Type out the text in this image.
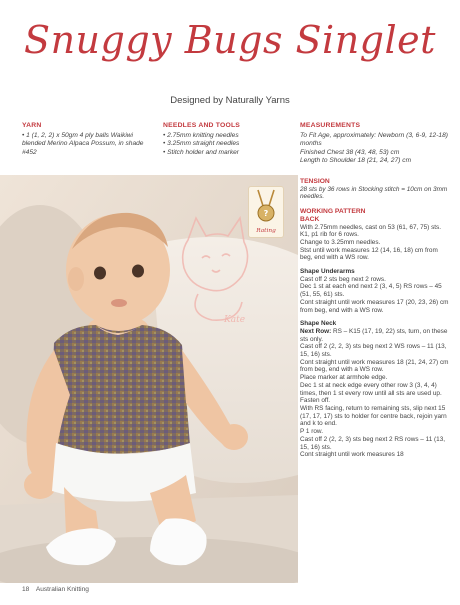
Snuggy Bugs Singlet
Designed by Naturally Yarns
YARN

• 1 (1, 2, 2) x 50gm 4 ply balls Waikiwi blended Merino Alpaca Possum, in shade #452

NEEDLES AND TOOLS
• 2.75mm knitting needles
• 3.25mm straight needles
• Stitch holder and marker
MEASUREMENTS

To Fit Age, approximately: Newborn (3, 6-9, 12-18) months

Finished Chest 38 (43, 48, 53) cm

Length to Shoulder 18 (21, 24, 27) cm

Kate
?
Rating
TENSION
28 sts by 36 rows in Stocking stitch = 10cm on 3mm needles.
WORKING PATTERN
BACK
With 2.75mm needles, cast on 53 (61, 67, 75) sts.
K1, p1 rib for 6 rows.
Change to 3.25mm needles.
Stst until work measures 12 (14, 16, 18) cm from beg, end with a WS row.
Shape Underarms
Cast off 2 sts beg next 2 rows.
Dec 1 st at each end next 2 (3, 4, 5) RS rows – 45 (51, 55, 61) sts.
Cont straight until work measures 17 (20, 23, 26) cm from beg, end with a WS row.
Shape Neck
Next Row: RS – K15 (17, 19, 22) sts, turn, on these sts only.
Cast off 2 (2, 2, 3) sts beg next 2 WS rows – 11 (13, 15, 16) sts.
Cont straight until work measures 18 (21, 24, 27) cm from beg, end with a WS row.
Place marker at armhole edge.
Dec 1 st at neck edge every other row 3 (3, 4, 4) times, then 1 st every row until all sts are used up. Fasten off.
With RS facing, return to remaining sts, slip next 15 (17, 17, 17) sts to holder for centre back, rejoin yarn and k to end.
P 1 row.
Cast off 2 (2, 2, 3) sts beg next 2 RS rows – 11 (13, 15, 16) sts.
Cont straight until work measures 18
18 Australian Knitting
